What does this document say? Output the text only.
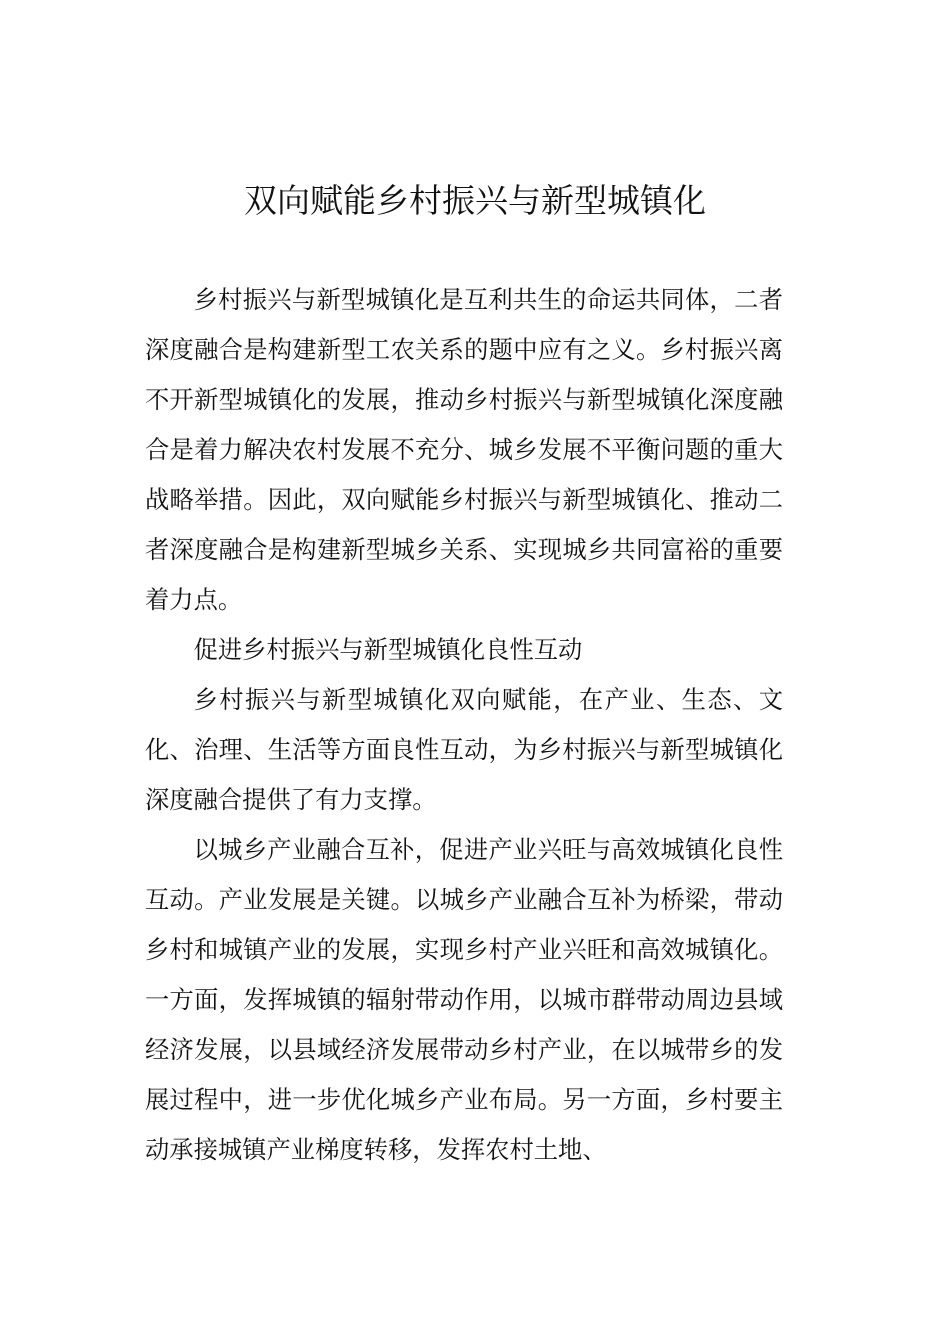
双向赋能乡村振兴与新型城镇化

乡村振兴与新型城镇化是互利共生的命运共同体，二者深度融合是构建新型工农关系的题中应有之义。乡村振兴离不开新型城镇化的发展，推动乡村振兴与新型城镇化深度融合是着力解决农村发展不充分、城乡发展不平衡问题的重大战略举措。因此，双向赋能乡村振兴与新型城镇化、推动二者深度融合是构建新型城乡关系、实现城乡共同富裕的重要着力点。

促进乡村振兴与新型城镇化良性互动

乡村振兴与新型城镇化双向赋能，在产业、生态、文化、治理、生活等方面良性互动，为乡村振兴与新型城镇化深度融合提供了有力支撑。

以城乡产业融合互补，促进产业兴旺与高效城镇化良性互动。产业发展是关键。以城乡产业融合互补为桥梁，带动乡村和城镇产业的发展，实现乡村产业兴旺和高效城镇化。一方面，发挥城镇的辐射带动作用，以城市群带动周边县域经济发展，以县域经济发展带动乡村产业，在以城带乡的发展过程中，进一步优化城乡产业布局。另一方面，乡村要主动承接城镇产业梯度转移，发挥农村土地、
